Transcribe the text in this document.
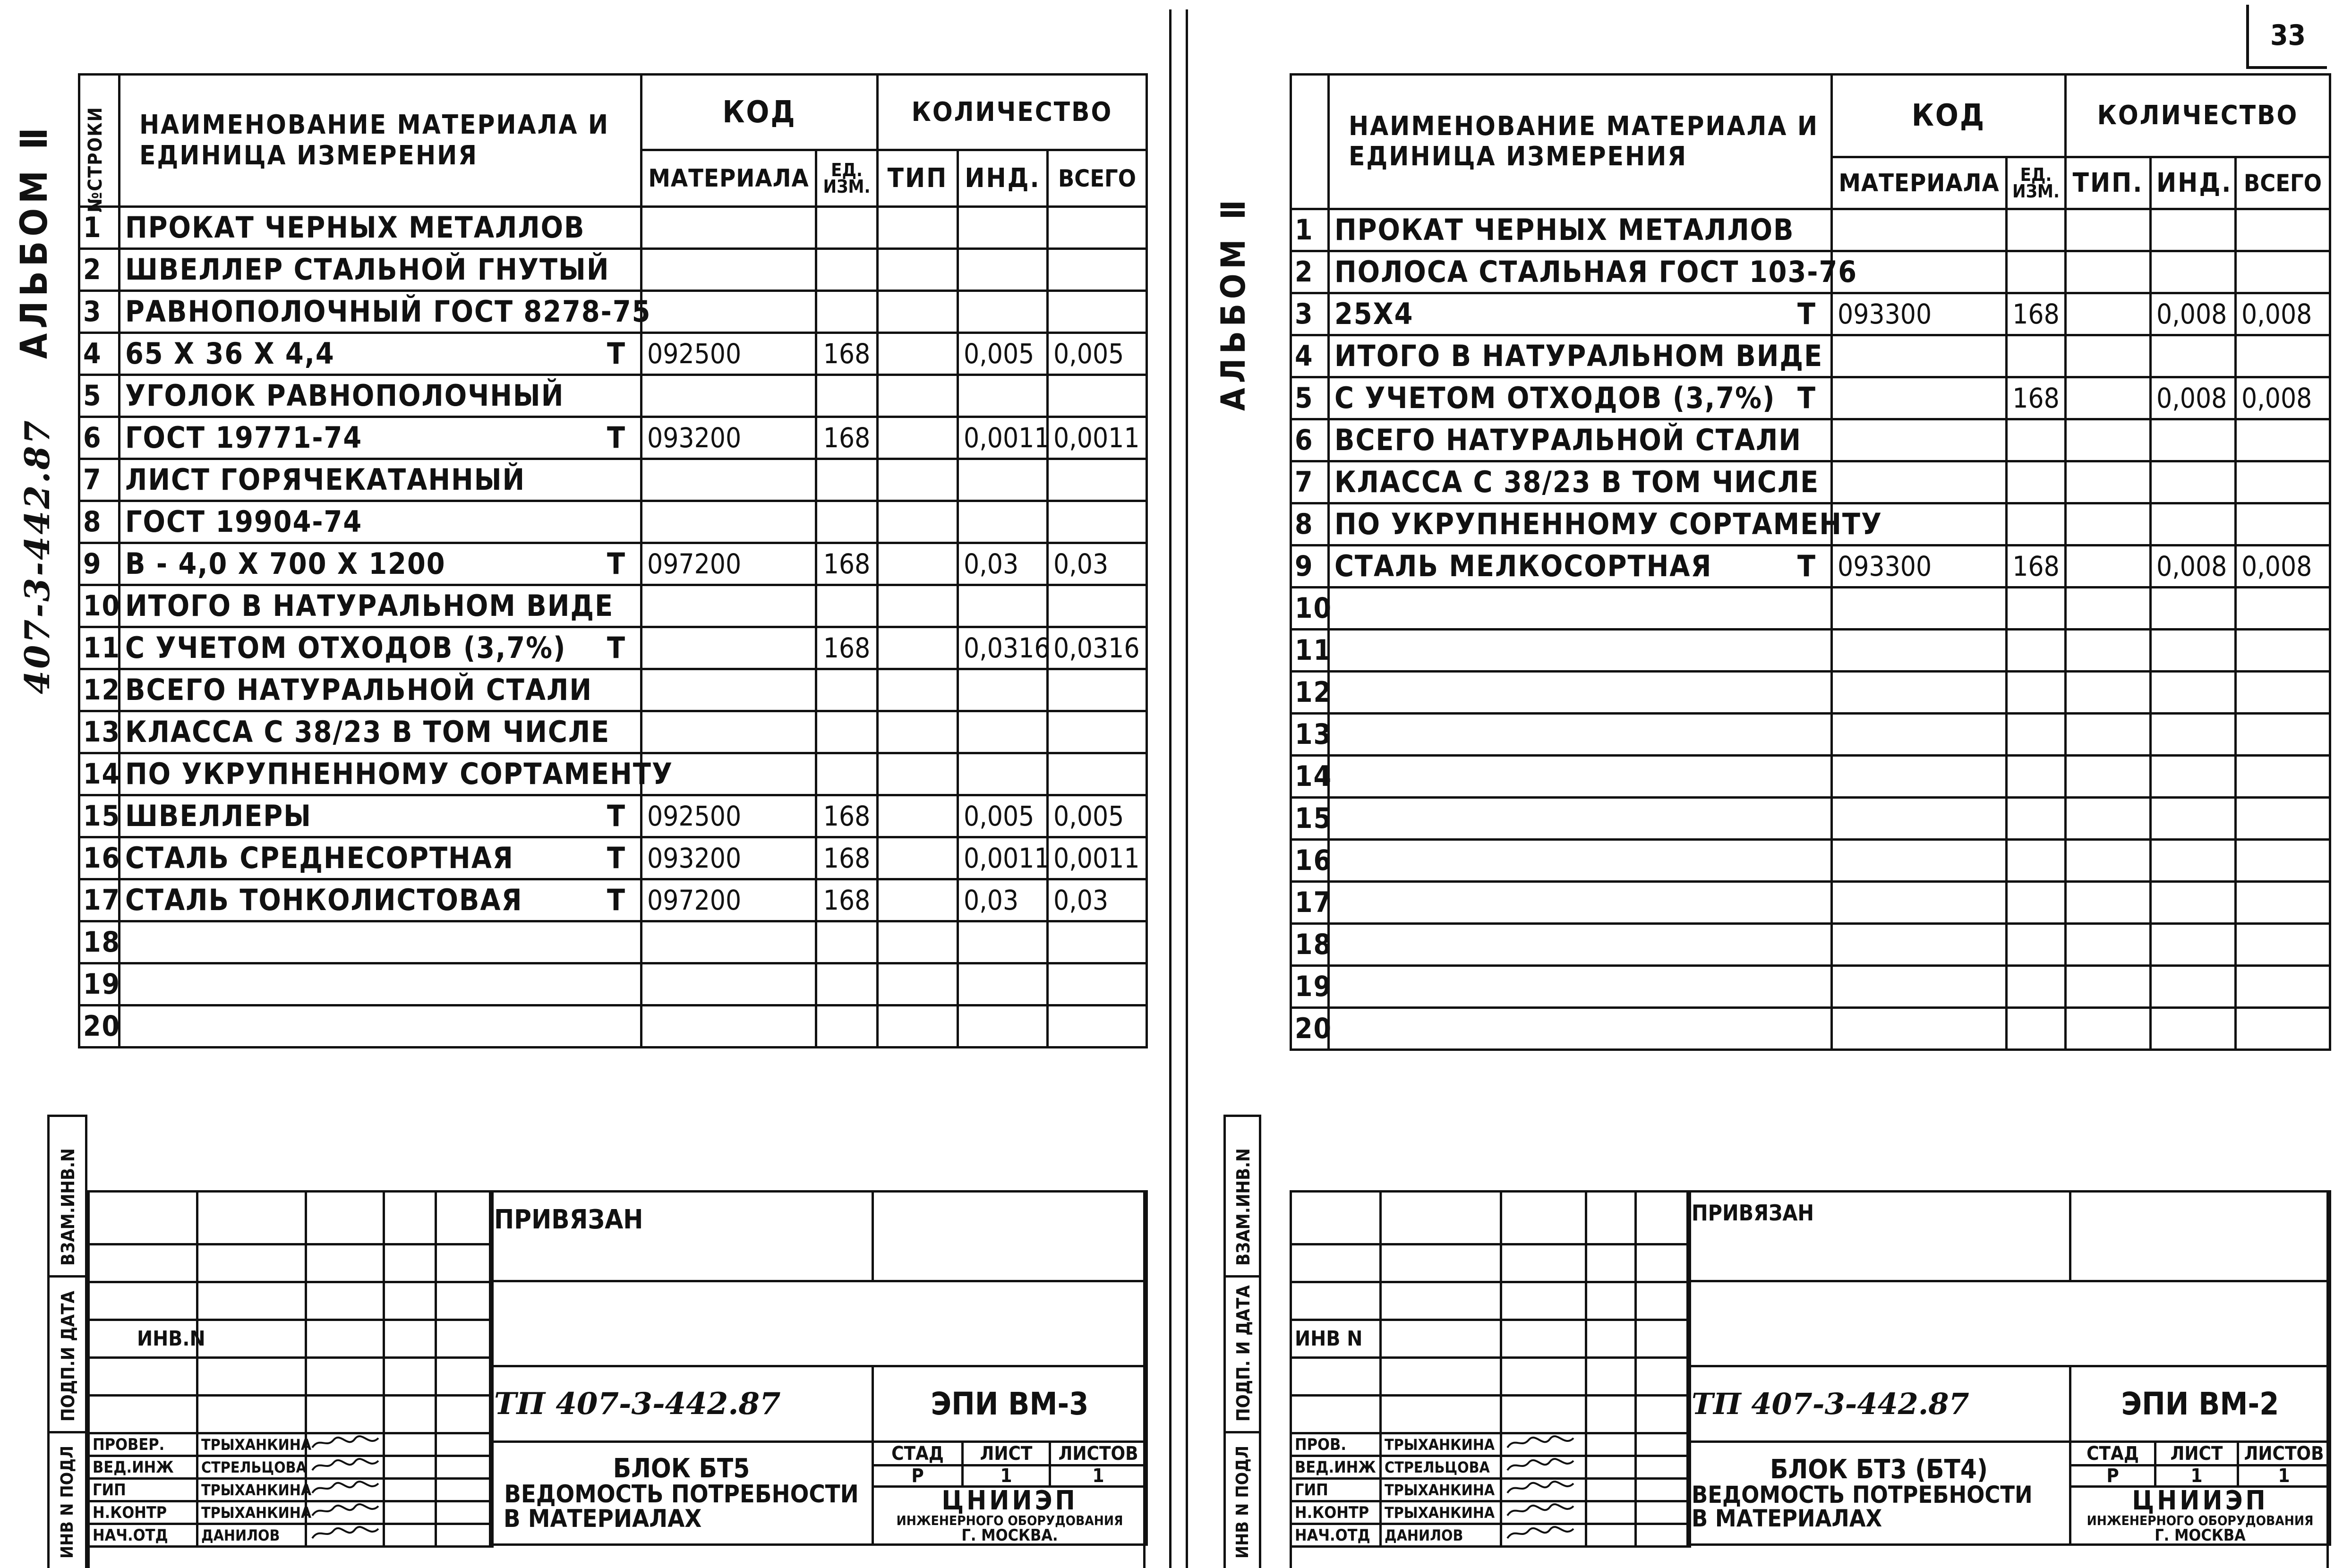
АЛЬБОМ Ⅱ
407-3-442.87
№СТРОКИ	НАИМЕНОВАНИЕ МАТЕРИАЛА И
ЕДИНИЦА ИЗМЕРЕНИЯ	КОД		КОЛИЧЕСТВО		
		МАТЕРИАЛА	ЕД.
ИЗМ.	ТИП	ИНД.	ВСЕГО
1	ПРОКАТ ЧЕРНЫХ МЕТАЛЛОВ

2	ШВЕЛЛЕР СТАЛЬНОЙ ГНУТЫЙ

3	РАВНОПОЛОЧНЫЙ ГОСТ 8278-75

4	65 Х 36 Х 4,4 Т	092500	168		0,005	0,005
5	УГОЛОК РАВНОПОЛОЧНЫЙ

6	ГОСТ 19771-74 Т	093200	168		0,0011	0,0011
7	ЛИСТ ГОРЯЧЕКАТАННЫЙ

8	ГОСТ 19904-74

9	В - 4,0 Х 700 Х 1200 Т	097200	168		0,03	0,03
10	ИТОГО В НАТУРАЛЬНОМ ВИДЕ

11	С УЧЕТОМ ОТХОДОВ (3,7%) Т		168		0,0316	0,0316
12	ВСЕГО НАТУРАЛЬНОЙ СТАЛИ

13	КЛАССА С 38/23 В ТОМ ЧИСЛЕ

14	ПО УКРУПНЕННОМУ СОРТАМЕНТУ

15	ШВЕЛЛЕРЫ Т	092500	168		0,005	0,005
16	СТАЛЬ СРЕДНЕСОРТНАЯ Т	093200	168		0,0011	0,0011
17	СТАЛЬ ТОНКОЛИСТОВАЯ Т	097200	168		0,03	0,03
18	

19	

20	

ВЗАМ.ИНВ.N
ПОДП.И ДАТА
ИНВ N ПОДЛ

ИНВ.N				

ПРОВЕР.	ТРЫХАНКИНА			
ВЕД.ИНЖ	СТРЕЛЬЦОВА			
ГИП	ТРЫХАНКИНА			
Н.КОНТР	ТРЫХАНКИНА			
НАЧ.ОТД	ДАНИЛОВ			
ПРИВЯЗАН			

ТП 407-3-442.87	ЭПИ ВМ-3		

БЛОК БТ5
ВЕДОМОСТЬ ПОТРЕБНОСТИ
В МАТЕРИАЛАХ	СТАД	ЛИСТ	ЛИСТОВ
	Р	1	1

	ЦНИИЭП
ИНЖЕНЕРНОГО ОБОРУДОВАНИЯ
Г. МОСКВА.		
33
АЛЬБОМ Ⅱ

	НАИМЕНОВАНИЕ МАТЕРИАЛА И
ЕДИНИЦА ИЗМЕРЕНИЯ	КОД		КОЛИЧЕСТВО		
		МАТЕРИАЛА	ЕД.
ИЗМ.	ТИП.	ИНД.	ВСЕГО
1	ПРОКАТ ЧЕРНЫХ МЕТАЛЛОВ

2	ПОЛОСА СТАЛЬНАЯ ГОСТ 103-76

3	25Х4 Т	093300	168		0,008	0,008
4	ИТОГО В НАТУРАЛЬНОМ ВИДЕ

5	С УЧЕТОМ ОТХОДОВ (3,7%) Т		168		0,008	0,008
6	ВСЕГО НАТУРАЛЬНОЙ СТАЛИ

7	КЛАССА С 38/23 В ТОМ ЧИСЛЕ

8	ПО УКРУПНЕННОМУ СОРТАМЕНТУ

9	СТАЛЬ МЕЛКОСОРТНАЯ Т	093300	168		0,008	0,008
10	

11	

12	

13	

14	

15	

16	

17	

18	

19	

20	

ВЗАМ.ИНВ.N
ПОДП. И ДАТА
ИНВ N ПОДЛ

ИНВ N				

ПРОВ.	ТРЫХАНКИНА			
ВЕД.ИНЖ	СТРЕЛЬЦОВА			
ГИП	ТРЫХАНКИНА			
Н.КОНТР	ТРЫХАНКИНА			
НАЧ.ОТД	ДАНИЛОВ			
ПРИВЯЗАН			

ТП 407-3-442.87	ЭПИ ВМ-2		

БЛОК БТ3 (БТ4)
ВЕДОМОСТЬ ПОТРЕБНОСТИ
В МАТЕРИАЛАХ	СТАД	ЛИСТ	ЛИСТОВ
	Р	1	1

	ЦНИИЭП
ИНЖЕНЕРНОГО ОБОРУДОВАНИЯ
Г. МОСКВА		
